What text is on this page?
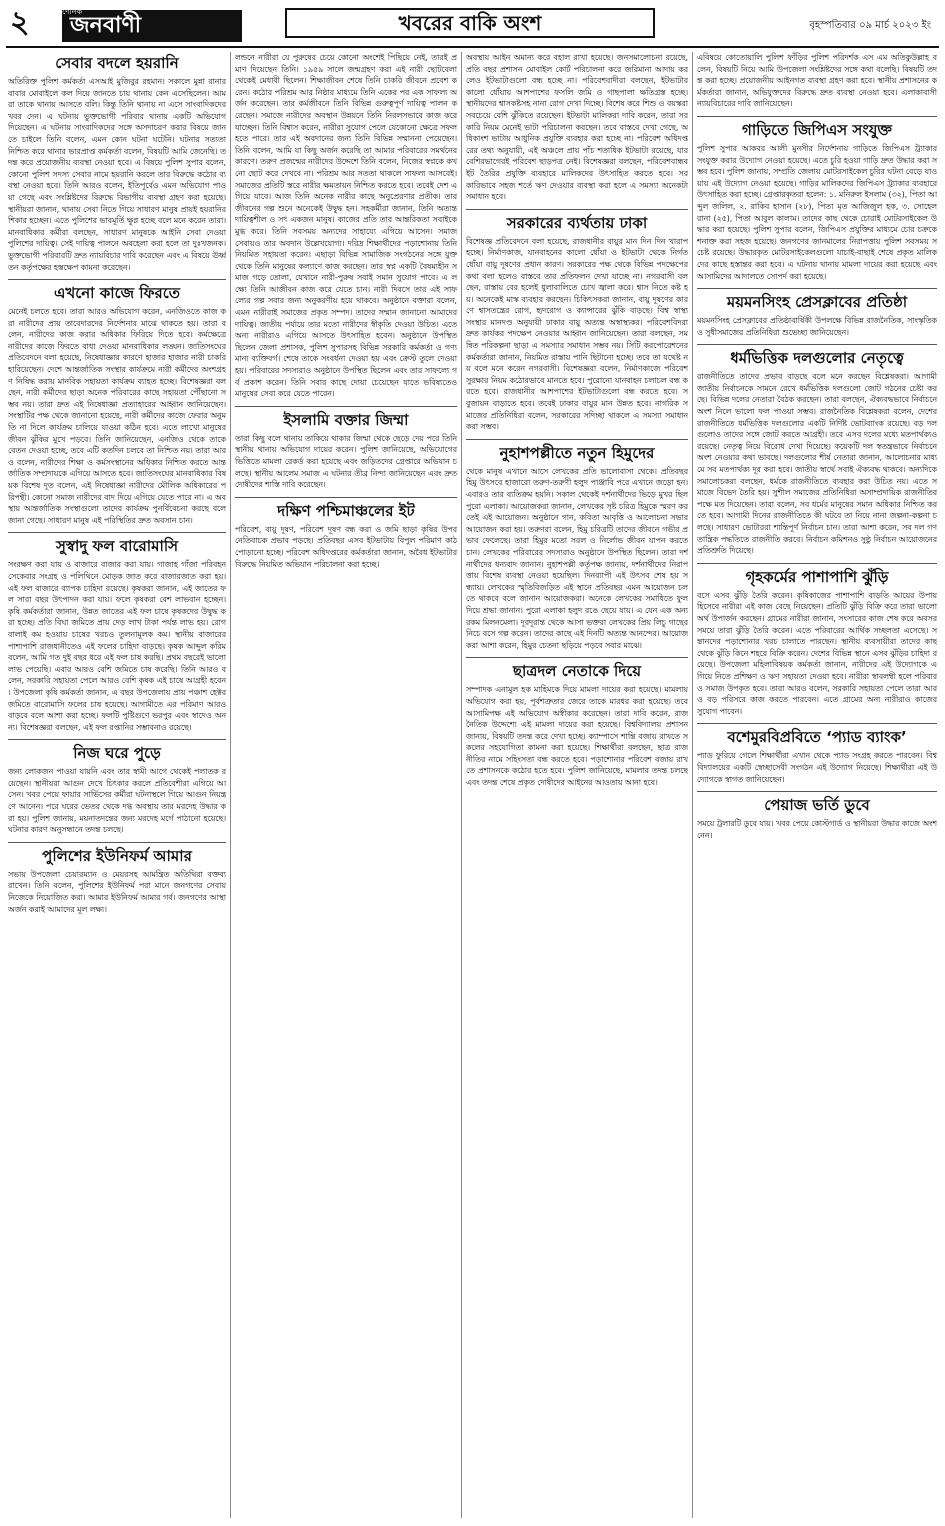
২	জনবাণী
দৈনিক	খবরের বাকি অংশ	বৃহস্পতিবার ০৯ মার্চ ২০২৩ ইং
সেবার বদলে হয়রানি
অতিরিক্ত পুলিশ কর্মকর্তা এসআই মুজিবুর রহমান। সকালে মুন্না রানার বাবার মোবাইলে কল দিয়ে জানতে চায় থানায় কেন এসেছিলেন। আমরা তাকে থানায় আসতে বলি। কিন্তু তিনি থানায় না এসে সাংবাদিকদের খবর দেন। এ ঘটনায় ভুক্তভোগী পরিবার থানায় একটি অভিযোগ দিয়েছেন। এ ঘটনায় সাংবাদিকদের সঙ্গে অসদাচরণ করার বিষয়ে জানতে চাইলে তিনি বলেন, এমন কোন ঘটনা ঘটেনি। ঘটনার সত্যতা নিশ্চিত করে থানার ভারপ্রাপ্ত কর্মকর্তা বলেন, বিষয়টি আমি জেনেছি। তদন্ত করে প্রয়োজনীয় ব্যবস্থা নেওয়া হবে। এ বিষয়ে পুলিশ সুপার বলেন, কোনো পুলিশ সদস্য সেবার নামে হয়রানি করলে তার বিরুদ্ধে কঠোর ব্যবস্থা নেওয়া হবে। তিনি আরও বলেন, ইতিপূর্বেও এমন অভিযোগ পাওয়া গেছে এবং সংশ্লিষ্টদের বিরুদ্ধে বিভাগীয় ব্যবস্থা গ্রহণ করা হয়েছে। স্থানীয়রা জানান, থানায় সেবা নিতে গিয়ে সাধারণ মানুষ প্রায়ই হয়রানির শিকার হচ্ছেন। এতে পুলিশের ভাবমূর্তি ক্ষুণ্ণ হচ্ছে বলে মনে করেন তারা। মানবাধিকার কর্মীরা বলছেন, সাধারণ মানুষকে আইনি সেবা দেওয়া পুলিশের দায়িত্ব। সেই দায়িত্ব পালনে অবহেলা করা হলে তা দুঃখজনক। ভুক্তভোগী পরিবারটি দ্রুত ন্যায়বিচার দাবি করেছেন এবং এ বিষয়ে ঊর্ধ্বতন কর্তৃপক্ষের হস্তক্ষেপ কামনা করেছেন।
এখনো কাজে ফিরতে
মেনেই চলতে হবে। তারা আরও অভিযোগ করেন, এনজিওতে কাজ করা নারীদের প্রায় তাবেদারদের নির্দেশনার মাঝে থাকতে হয়। তারা বলেন, নারীদের কাজ করার অধিকার ফিরিয়ে দিতে হবে। কর্মক্ষেত্রে নারীদের কাজে ফিরতে বাধা দেওয়া মানবাধিকার লঙ্ঘন। জাতিসংঘের প্রতিবেদনে বলা হয়েছে, নিষেধাজ্ঞার কারণে হাজার হাজার নারী চাকরি হারিয়েছেন। দেশে আন্তর্জাতিক সংস্থার কার্যক্রমে নারী কর্মীদের অংশগ্রহণ নিষিদ্ধ করায় মানবিক সহায়তা কার্যক্রম ব্যাহত হচ্ছে। বিশেষজ্ঞরা বলছেন, নারী কর্মীদের ছাড়া অনেক পরিবারের কাছে সহায়তা পৌঁছানো সম্ভব নয়। তারা দ্রুত এই নিষেধাজ্ঞা প্রত্যাহারের আহ্বান জানিয়েছেন। সংস্থাটির পক্ষ থেকে জানানো হয়েছে, নারী কর্মীদের কাজে ফেরার অনুমতি না দিলে কার্যক্রম চালিয়ে যাওয়া কঠিন হবে। এতে লাখো মানুষের জীবন ঝুঁকির মুখে পড়বে। তিনি জানিয়েছেন, এনজিও থেকে তাকে বেতন দেওয়া হচ্ছে, তবে এটি কতদিন চলবে তা নিশ্চিত নয়। তারা আরও বলেন, নারীদের শিক্ষা ও কর্মসংস্থানের অধিকার নিশ্চিত করতে আন্তর্জাতিক সম্প্রদায়কে এগিয়ে আসতে হবে। জাতিসংঘের মানবাধিকার বিষয়ক বিশেষ দূত বলেন, এই নিষেধাজ্ঞা নারীদের মৌলিক অধিকারের পরিপন্থী। কোনো সমাজ নারীদের বাদ দিয়ে এগিয়ে যেতে পারে না। এ অবস্থায় আন্তর্জাতিক সংস্থাগুলো তাদের কার্যক্রম পুনর্বিবেচনা করছে বলে জানা গেছে। সাধারণ মানুষ এই পরিস্থিতির দ্রুত অবসান চান।
সুস্বাদু ফল বারোমাসি
সংরক্ষণ করা যায় ও বাজারে বাজার করা যায়। গাজাহ গাঁজা পরিবহন সেকেবার সংগ্রহ ও পলিথিনে মোড়ক জাত করে বাজারজাত করা হয়। এই ফল বাজারে ব্যাপক চাহিদা রয়েছে। কৃষকরা জানান, এই জাতের ফল সারা বছর উৎপাদন করা যায়। ফলে কৃষকরা বেশ লাভবান হচ্ছেন। কৃষি কর্মকর্তারা জানান, উন্নত জাতের এই ফল চাষে কৃষকদের উদ্বুদ্ধ করা হচ্ছে। প্রতি বিঘা জমিতে প্রায় দেড় লাখ টাকা পর্যন্ত লাভ হয়। রোগবালাই কম হওয়ায় চাষের খরচও তুলনামূলক কম। স্থানীয় বাজারের পাশাপাশি রাজধানীতেও এই ফলের চাহিদা বাড়ছে। কৃষক আব্দুল করিম বলেন, আমি গত দুই বছর ধরে এই ফল চাষ করছি। প্রথম বছরেই ভালো লাভ পেয়েছি। এবার আরও বেশি জমিতে চাষ করেছি। তিনি আরও বলেন, সরকারি সহায়তা পেলে আরও বেশি কৃষক এই চাষে আগ্রহী হবেন। উপজেলা কৃষি কর্মকর্তা জানান, এ বছর উপজেলায় প্রায় পঞ্চাশ হেক্টর জমিতে বারোমাসি ফলের চাষ হয়েছে। আগামীতে এর পরিমাণ আরও বাড়বে বলে আশা করা হচ্ছে। ফলটি পুষ্টিগুণে ভরপুর এবং স্বাদেও অনন্য। বিশেষজ্ঞরা বলছেন, এই ফল রপ্তানির সম্ভাবনাও রয়েছে।
নিজ ঘরে পুড়ে
জন্য লোকজন পাওয়া যায়নি এবং তার স্বামী আগে থেকেই পলাতক রয়েছেন। স্থানীয়রা আগুন দেখে চিৎকার করলে প্রতিবেশীরা এগিয়ে আসেন। খবর পেয়ে ফায়ার সার্ভিসের কর্মীরা ঘটনাস্থলে গিয়ে আগুন নিয়ন্ত্রণে আনেন। পরে ঘরের ভেতর থেকে দগ্ধ অবস্থায় তার মরদেহ উদ্ধার করা হয়। পুলিশ জানায়, ময়নাতদন্তের জন্য মরদেহ মর্গে পাঠানো হয়েছে। ঘটনার কারণ অনুসন্ধানে তদন্ত চলছে।
পুলিশের ইউনিফর্ম আমার
সভায় উপজেলা চেয়ারম্যান ও মেয়রসহ আমন্ত্রিত অতিথিরা বক্তব্য রাখেন। তিনি বলেন, পুলিশের ইউনিফর্ম পরা মানে জনগণের সেবায় নিজেকে নিয়োজিত করা। আমার ইউনিফর্ম আমার গর্ব। জনগণের আস্থা অর্জন করাই আমাদের মূল লক্ষ্য।
লন্ডনে নারীরা যে পুরুষের চেয়ে কোনো অংশেই পিছিয়ে নেই, তারই প্রমাণ দিয়েছেন তিনি। ১৯৫৯ সালে জন্মগ্রহণ করা এই নারী ছোটবেলা থেকেই মেধাবী ছিলেন। শিক্ষাজীবন শেষে তিনি চাকরি জীবনে প্রবেশ করেন। কঠোর পরিশ্রম আর নিষ্ঠার মাধ্যমে তিনি একের পর এক সাফল্য অর্জন করেছেন। তার কর্মজীবনে তিনি বিভিন্ন গুরুত্বপূর্ণ দায়িত্ব পালন করেছেন। সমাজে নারীদের অবস্থান উন্নয়নে তিনি নিরলসভাবে কাজ করে যাচ্ছেন। তিনি বিশ্বাস করেন, নারীরা সুযোগ পেলে যেকোনো ক্ষেত্রে সফল হতে পারে। তার এই অবদানের জন্য তিনি বিভিন্ন সম্মাননা পেয়েছেন। তিনি বলেন, আমি যা কিছু অর্জন করেছি তা আমার পরিবারের সমর্থনের কারণে। তরুণ প্রজন্মের নারীদের উদ্দেশে তিনি বলেন, নিজের স্বপ্নকে কখনো ছোট করে দেখবে না। পরিশ্রম আর সততা থাকলে সাফল্য আসবেই। সমাজের প্রতিটি স্তরে নারীর ক্ষমতায়ন নিশ্চিত করতে হবে। তবেই দেশ এগিয়ে যাবে। আজ তিনি অনেক নারীর কাছে অনুপ্রেরণার প্রতীক। তার জীবনের গল্প শুনে অনেকেই উদ্বুদ্ধ হন। সহকর্মীরা জানান, তিনি অত্যন্ত দায়িত্বশীল ও সৎ একজন মানুষ। কাজের প্রতি তার আন্তরিকতা সবাইকে মুগ্ধ করে। তিনি সবসময় অন্যদের সাহায্যে এগিয়ে আসেন। সমাজসেবায়ও তার অবদান উল্লেখযোগ্য। দরিদ্র শিক্ষার্থীদের পড়াশোনায় তিনি নিয়মিত সহায়তা করেন। এছাড়া বিভিন্ন সামাজিক সংগঠনের সঙ্গে যুক্ত থেকে তিনি মানুষের কল্যাণে কাজ করছেন। তার স্বপ্ন একটি বৈষম্যহীন সমাজ গড়ে তোলা, যেখানে নারী-পুরুষ সবাই সমান সুযোগ পাবে। এ লক্ষ্যে তিনি আজীবন কাজ করে যেতে চান। নারী দিবসে তার এই সাফল্যের গল্প সবার জন্য অনুকরণীয় হয়ে থাকবে। অনুষ্ঠানে বক্তারা বলেন, এমন নারীরাই সমাজের প্রকৃত সম্পদ। তাদের সম্মান জানানো আমাদের দায়িত্ব। জাতীয় পর্যায়ে তার মতো নারীদের স্বীকৃতি দেওয়া উচিত। এতে অন্য নারীরাও এগিয়ে আসতে উৎসাহিত হবেন। অনুষ্ঠানে উপস্থিত ছিলেন জেলা প্রশাসক, পুলিশ সুপারসহ বিভিন্ন সরকারি কর্মকর্তা ও গণ্যমান্য ব্যক্তিবর্গ। শেষে তাকে সংবর্ধনা দেওয়া হয় এবং ক্রেস্ট তুলে দেওয়া হয়। পরিবারের সদস্যরাও অনুষ্ঠানে উপস্থিত ছিলেন এবং তার সাফল্যে গর্ব প্রকাশ করেন। তিনি সবার কাছে দোয়া চেয়েছেন যাতে ভবিষ্যতেও মানুষের সেবা করে যেতে পারেন।
ইসলামি বক্তার জিম্মা
তারা কিছু বলে থানায় তাকিয়ে থাকার জিম্মা থেকে ছেড়ে দেয় পরে তিনি স্থানীয় থানায় অভিযোগ দায়ের করেন। পুলিশ জানিয়েছে, অভিযোগের ভিত্তিতে মামলা রেকর্ড করা হয়েছে এবং জড়িতদের গ্রেপ্তারে অভিযান চলছে। স্থানীয় আলেম সমাজ এ ঘটনার তীব্র নিন্দা জানিয়েছেন এবং দ্রুত দোষীদের শাস্তি দাবি করেছেন।
দক্ষিণ পশ্চিমাঞ্চলের ইট
পরিবেশ, বায়ু দূষণ, পরিবেশ দূষণ বন্ধ করা ও জমি ছাড়া কৃষির উপর নেতিবাচক প্রভাব পড়ছে। প্রতিবছর এসব ইটভাটায় বিপুল পরিমাণ কাঠ পোড়ানো হচ্ছে। পরিবেশ অধিদপ্তরের কর্মকর্তারা জানান, অবৈধ ইটভাটার বিরুদ্ধে নিয়মিত অভিযান পরিচালনা করা হচ্ছে।
অবস্থায় আইন অমান্য করে বহাল রাখা হয়েছে। জনসমালোচনা রয়েছে, প্রতি বছর প্রশাসন মোবাইল কোর্ট পরিচালনা করে জরিমানা আদায় করলেও ইটভাটাগুলো বন্ধ হচ্ছে না। পরিবেশবাদীরা বলছেন, ইটভাটার কালো ধোঁয়ায় আশপাশের ফসলি জমি ও গাছপালা ক্ষতিগ্রস্ত হচ্ছে। স্থানীয়দের শ্বাসকষ্টসহ নানা রোগ দেখা দিচ্ছে। বিশেষ করে শিশু ও বয়স্করা সবচেয়ে বেশি ঝুঁকিতে রয়েছেন। ইটভাটা মালিকরা দাবি করেন, তারা সরকারি নিয়ম মেনেই ভাটা পরিচালনা করছেন। তবে বাস্তবে দেখা গেছে, অধিকাংশ ভাটায় আধুনিক প্রযুক্তি ব্যবহার করা হচ্ছে না। পরিবেশ অধিদপ্তরের তথ্য অনুযায়ী, এই অঞ্চলে প্রায় পাঁচ শতাধিক ইটভাটা রয়েছে, যার বেশিরভাগেরই পরিবেশ ছাড়পত্র নেই। বিশেষজ্ঞরা বলছেন, পরিবেশবান্ধব ইট তৈরির প্রযুক্তি ব্যবহারে মালিকদের উৎসাহিত করতে হবে। সরকারিভাবে সহজ শর্তে ঋণ দেওয়ার ব্যবস্থা করা হলে এ সমস্যা অনেকটা সমাধান হবে।
সরকারের ব্যর্থতায় ঢাকা
বিশেষজ্ঞ প্রতিবেদনে বলা হয়েছে, রাজধানীর বায়ুর মান দিন দিন খারাপ হচ্ছে। নির্মাণকাজ, যানবাহনের কালো ধোঁয়া ও ইটভাটা থেকে নির্গত ধোঁয়া বায়ু দূষণের প্রধান কারণ। সরকারের পক্ষ থেকে বিভিন্ন পদক্ষেপের কথা বলা হলেও বাস্তবে তার প্রতিফলন দেখা যাচ্ছে না। নগরবাসী বলছেন, রাস্তায় বের হলেই ধুলাবালিতে চোখ জ্বালা করে। শ্বাস নিতে কষ্ট হয়। অনেকেই মাস্ক ব্যবহার করছেন। চিকিৎসকরা জানান, বায়ু দূষণের কারণে শ্বাসতন্ত্রের রোগ, হৃদরোগ ও ক্যান্সারের ঝুঁকি বাড়ছে। বিশ্ব স্বাস্থ্য সংস্থার মানদণ্ড অনুযায়ী ঢাকার বায়ু অত্যন্ত অস্বাস্থ্যকর। পরিবেশবিদরা দ্রুত কার্যকর পদক্ষেপ নেওয়ার আহ্বান জানিয়েছেন। তারা বলছেন, সমন্বিত পরিকল্পনা ছাড়া এ সমস্যার সমাধান সম্ভব নয়। সিটি করপোরেশনের কর্মকর্তারা জানান, নিয়মিত রাস্তায় পানি ছিটানো হচ্ছে। তবে তা যথেষ্ট নয় বলে মনে করেন নগরবাসী। বিশেষজ্ঞরা বলেন, নির্মাণকাজে পরিবেশ সুরক্ষার নিয়ম কঠোরভাবে মানতে হবে। পুরোনো যানবাহন চলাচল বন্ধ করতে হবে। রাজধানীর আশপাশের ইটভাটাগুলো বন্ধ করতে হবে। সবুজায়ন বাড়াতে হবে। তবেই ঢাকার বায়ুর মান উন্নত হবে। নাগরিক সমাজের প্রতিনিধিরা বলেন, সরকারের সদিচ্ছা থাকলে এ সমস্যা সমাধান করা সম্ভব।
নুহাশপল্লীতে নতুন হিমুদের
থেকে মানুষ এখানে আসে লেখকের প্রতি ভালোবাসা থেকে। প্রতিবছর হিমু উৎসবে হাজারো তরুণ-তরুণী হলুদ পাঞ্জাবি পরে এখানে জড়ো হন। এবারও তার ব্যতিক্রম হয়নি। সকাল থেকেই দর্শনার্থীদের ভিড়ে মুখর ছিল পুরো এলাকা। আয়োজকরা জানান, লেখকের সৃষ্ট চরিত্র হিমুকে স্মরণ করতেই এই আয়োজন। অনুষ্ঠানে গান, কবিতা আবৃত্তি ও আলোচনা সভার আয়োজন করা হয়। তরুণরা বলেন, হিমু চরিত্রটি তাদের জীবনে গভীর প্রভাব ফেলেছে। তারা হিমুর মতো সরল ও নির্লোভ জীবন যাপন করতে চান। লেখকের পরিবারের সদস্যরাও অনুষ্ঠানে উপস্থিত ছিলেন। তারা দর্শনার্থীদের ধন্যবাদ জানান। নুহাশপল্লী কর্তৃপক্ষ জানায়, দর্শনার্থীদের নিরাপত্তায় বিশেষ ব্যবস্থা নেওয়া হয়েছিল। দিনব্যাপী এই উৎসব শেষ হয় সন্ধ্যায়। লেখকের স্মৃতিবিজড়িত এই স্থানে প্রতিবছর এমন আয়োজন চলতে থাকবে বলে জানান আয়োজকরা। অনেকে লেখকের সমাধিতে ফুল দিয়ে শ্রদ্ধা জানান। পুরো এলাকা হলুদ রঙে ছেয়ে যায়। এ যেন এক অন্যরকম মিলনমেলা। দূরদূরান্ত থেকে আসা ভক্তরা লেখকের প্রিয় লিচু গাছের নিচে বসে গল্প করেন। তাদের কাছে এই দিনটি অত্যন্ত আনন্দের। আয়োজকরা আশা করেন, হিমুর চেতনা ছড়িয়ে পড়বে সবার মাঝে।
ছাত্রদল নেতাকে দিয়ে
সম্পাদক এনামুল হক মাহিমকে দিয়ে মামলা দায়ের করা হয়েছে। মামলায় অভিযোগ করা হয়, পূর্বশত্রুতার জেরে তাকে মারধর করা হয়েছে। তবে আসামিপক্ষ এই অভিযোগ অস্বীকার করেছেন। তারা দাবি করেন, রাজনৈতিক উদ্দেশ্যে এই মামলা দায়ের করা হয়েছে। বিশ্ববিদ্যালয় প্রশাসন জানায়, বিষয়টি তদন্ত করে দেখা হচ্ছে। ক্যাম্পাসে শান্তি বজায় রাখতে সকলের সহযোগিতা কামনা করা হয়েছে। শিক্ষার্থীরা বলছেন, ছাত্র রাজনীতির নামে সহিংসতা বন্ধ করতে হবে। পড়াশোনার পরিবেশ বজায় রাখতে প্রশাসনকে কঠোর হতে হবে। পুলিশ জানিয়েছে, মামলার তদন্ত চলছে এবং তদন্ত শেষে প্রকৃত দোষীদের আইনের আওতায় আনা হবে।
এবিষয়ে কোতোয়ালি পুলিশ ফাঁড়ির পুলিশ পরিদর্শক এস এম অতিকুউল্লাহ বলেন, বিষয়টি নিয়ে আমি উপজেলা সংশ্লিষ্টদের সঙ্গে কথা বলেছি। বিষয়টি তদন্ত করা হচ্ছে। প্রয়োজনীয় আইনগত ব্যবস্থা গ্রহণ করা হবে। স্থানীয় প্রশাসনের কর্মকর্তারা জানান, অভিযুক্তদের বিরুদ্ধে দ্রুত ব্যবস্থা নেওয়া হবে। এলাকাবাসী ন্যায়বিচারের দাবি জানিয়েছেন।
গাড়িতে জিপিএস সংযুক্ত
পুলিশ সুপার আকবর আলী মুনসীর নির্দেশনায় গাড়িতে জিপিএস ট্র্যাকার সংযুক্ত করার উদ্যোগ নেওয়া হয়েছে। এতে চুরি হওয়া গাড়ি দ্রুত উদ্ধার করা সম্ভব হবে। পুলিশ জানায়, সম্প্রতি জেলায় মোটরসাইকেল চুরির ঘটনা বেড়ে যাওয়ায় এই উদ্যোগ নেওয়া হয়েছে। গাড়ির মালিকদের জিপিএস ট্র্যাকার ব্যবহারে উৎসাহিত করা হচ্ছে। গ্রেপ্তারকৃতরা হলেন: ১. মনিরুল ইসলাম (৩২), পিতা আব্দুল জলিল, ২. রাকিব হাসান (২৮), পিতা মৃত আজিজুল হক, ৩. সোহেল রানা (২৫), পিতা আবুল কালাম। তাদের কাছ থেকে চোরাই মোটরসাইকেল উদ্ধার করা হয়েছে। পুলিশ সুপার বলেন, জিপিএস প্রযুক্তির মাধ্যমে চোর চক্রকে শনাক্ত করা সহজ হয়েছে। জনগণের জানমালের নিরাপত্তায় পুলিশ সবসময় সচেষ্ট রয়েছে। উদ্ধারকৃত মোটরসাইকেলগুলো যাচাই-বাছাই শেষে প্রকৃত মালিকদের কাছে হস্তান্তর করা হবে। এ ঘটনায় থানায় মামলা দায়ের করা হয়েছে এবং আসামিদের আদালতে সোপর্দ করা হয়েছে।
ময়মনসিংহ প্রেসক্লাবের প্রতিষ্ঠা
ময়মনসিংহ প্রেসক্লাবের প্রতিষ্ঠাবার্ষিকী উপলক্ষে বিভিন্ন রাজনৈতিক, সাংস্কৃতিক ও সুধীসমাজের প্রতিনিধিরা শুভেচ্ছা জানিয়েছেন।
ধর্মভিত্তিক দলগুলোর নেতৃত্বে
রাজনীতিতে তাদের প্রভাব বাড়ছে বলে মনে করছেন বিশ্লেষকরা। আগামী জাতীয় নির্বাচনকে সামনে রেখে ধর্মভিত্তিক দলগুলো জোট গঠনের চেষ্টা করছে। বিভিন্ন দলের নেতারা বৈঠক করছেন। তারা বলছেন, ঐক্যবদ্ধভাবে নির্বাচনে অংশ নিলে ভালো ফল পাওয়া সম্ভব। রাজনৈতিক বিশ্লেষকরা বলেন, দেশের রাজনীতিতে ধর্মভিত্তিক দলগুলোর একটি নির্দিষ্ট ভোটব্যাংক রয়েছে। বড় দলগুলোও তাদের সঙ্গে জোট করতে আগ্রহী। তবে এসব দলের মধ্যে মতপার্থক্যও রয়েছে। নেতৃত্ব নিয়ে বিরোধ দেখা দিয়েছে। কয়েকটি দল স্বতন্ত্রভাবে নির্বাচনে অংশ নেওয়ার কথা ভাবছে। দলগুলোর শীর্ষ নেতারা জানান, আলোচনার মাধ্যমে সব মতপার্থক্য দূর করা হবে। জাতীয় স্বার্থে সবাই ঐক্যবদ্ধ থাকবে। অন্যদিকে সমালোচকরা বলছেন, ধর্মকে রাজনীতিতে ব্যবহার করা উচিত নয়। এতে সমাজে বিভেদ তৈরি হয়। সুশীল সমাজের প্রতিনিধিরা অসাম্প্রদায়িক রাজনীতির পক্ষে মত দিয়েছেন। তারা বলেন, সব ধর্মের মানুষের সমান অধিকার নিশ্চিত করতে হবে। আগামী দিনের রাজনীতিতে কী ঘটবে তা নিয়ে নানা জল্পনা-কল্পনা চলছে। সাধারণ ভোটাররা শান্তিপূর্ণ নির্বাচন চান। তারা আশা করেন, সব দল গণতান্ত্রিক পদ্ধতিতে রাজনীতি করবে। নির্বাচন কমিশনও সুষ্ঠু নির্বাচন আয়োজনের প্রতিশ্রুতি দিয়েছে।
গৃহকর্মের পাশাপাশি ঝুঁড়ি
বসে এসব ঝুঁড়ি তৈরি করেন। কৃষিকাজের পাশাপাশি বাড়তি আয়ের উপায় হিসেবে নারীরা এই কাজ বেছে নিয়েছেন। প্রতিটি ঝুঁড়ি বিক্রি করে তারা ভালো অর্থ উপার্জন করছেন। গ্রামের নারীরা জানান, সংসারের কাজ শেষ করে অবসর সময়ে তারা ঝুঁড়ি তৈরি করেন। এতে পরিবারের আর্থিক সচ্ছলতা এসেছে। সন্তানদের পড়াশোনার খরচ চালাতে পারছেন। স্থানীয় ব্যবসায়ীরা তাদের কাছ থেকে ঝুঁড়ি কিনে শহরে বিক্রি করেন। দেশের বিভিন্ন স্থানে এসব ঝুঁড়ির চাহিদা রয়েছে। উপজেলা মহিলাবিষয়ক কর্মকর্তা জানান, নারীদের এই উদ্যোগকে এগিয়ে নিতে প্রশিক্ষণ ও ঋণ সহায়তা দেওয়া হবে। নারীরা স্বাবলম্বী হলে পরিবার ও সমাজ উপকৃত হবে। তারা আরও বলেন, সরকারি সহায়তা পেলে তারা আরও বড় পরিসরে কাজ করতে পারবেন। এতে গ্রামের অন্য নারীরাও কাজের সুযোগ পাবেন।
বশেমুরবিপ্রবিতে ‘প্যাড ব্যাংক’
প্যাড ফুরিয়ে গেলে শিক্ষার্থীরা এখান থেকে প্যাড সংগ্রহ করতে পারবেন। বিশ্ববিদ্যালয়ের একটি স্বেচ্ছাসেবী সংগঠন এই উদ্যোগ নিয়েছে। শিক্ষার্থীরা এই উদ্যোগকে স্বাগত জানিয়েছেন।
পেয়াজ ভর্তি ডুবে
সময়ে ট্রলারটি ডুবে যায়। খবর পেয়ে কোস্টগার্ড ও স্থানীয়রা উদ্ধার কাজে অংশ নেন।
